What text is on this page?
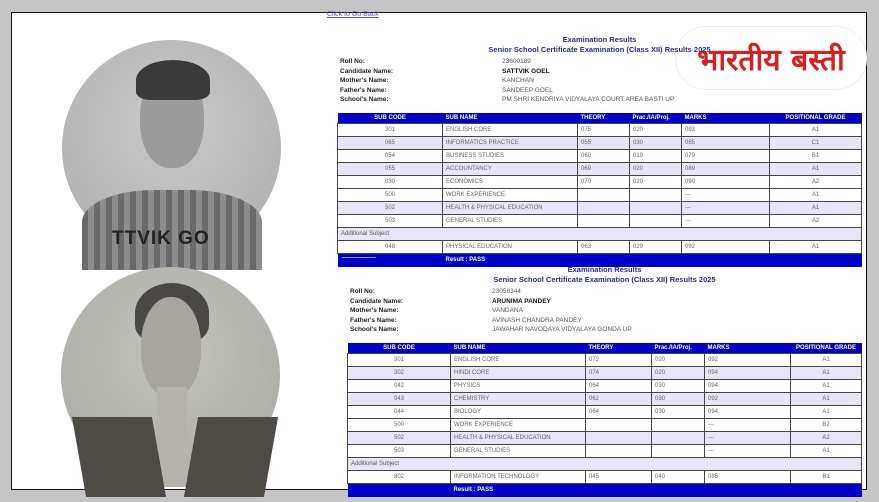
TTVIK GO
Click to Go Back
भारतीय बस्ती
Examination Results
Senior School Certificate Examination (Class XII) Results 2025
Roll No:	23600189
Candidate Name:	SATTVIK GOEL
Mother's Name:	KANCHAN
Father's Name:	SANDEEP GOEL
School's Name:	PM SHRI KENDRIYA VIDYALAYA COURT AREA BASTI UP
SUB CODE	SUB NAME	THEORY	Prac./IA/Proj.	MARKS	POSITIONAL GRADE
301	ENGLISH CORE	075	020	093	A1
065	INFORMATICS PRACTICE	055	030	085	C1
054	BUSINESS STUDIES	060	019	079	B1
055	ACCOUNTANCY	069	020	089	A1
030	ECONOMICS	070	020	090	A2
500	WORK EXPERIENCE			---	A1
502	HEALTH & PHYSICAL EDUCATION			---	A1
503	GENERAL STUDIES			---	A2
Additional Subject					
048	PHYSICAL EDUCATION	063	029	092	A1
	Result : PASS				
Examination Results
Senior School Certificate Examination (Class XII) Results 2025
Roll No:	23058344
Candidate Name:	ARUNIMA PANDEY
Mother's Name:	VANDANA
Father's Name:	AVINASH CHANDRA PANDEY
School's Name:	JAWAHAR NAVODAYA VIDYALAYA GONDA UP
SUB CODE	SUB NAME	THEORY	Prac./IA/Proj.	MARKS	POSITIONAL GRADE
301	ENGLISH CORE	072	020	092	A1
302	HINDI CORE	074	020	094	A1
042	PHYSICS	064	030	094	A1
043	CHEMISTRY	062	030	092	A1
044	BIOLOGY	064	030	094	A1
500	WORK EXPERIENCE			---	B2
502	HEALTH & PHYSICAL EDUCATION			---	A2
503	GENERAL STUDIES			---	A1
Additional Subject					
802	INFORMATION TECHNOLOGY	045	040	085	B1
	Result : PASS				
